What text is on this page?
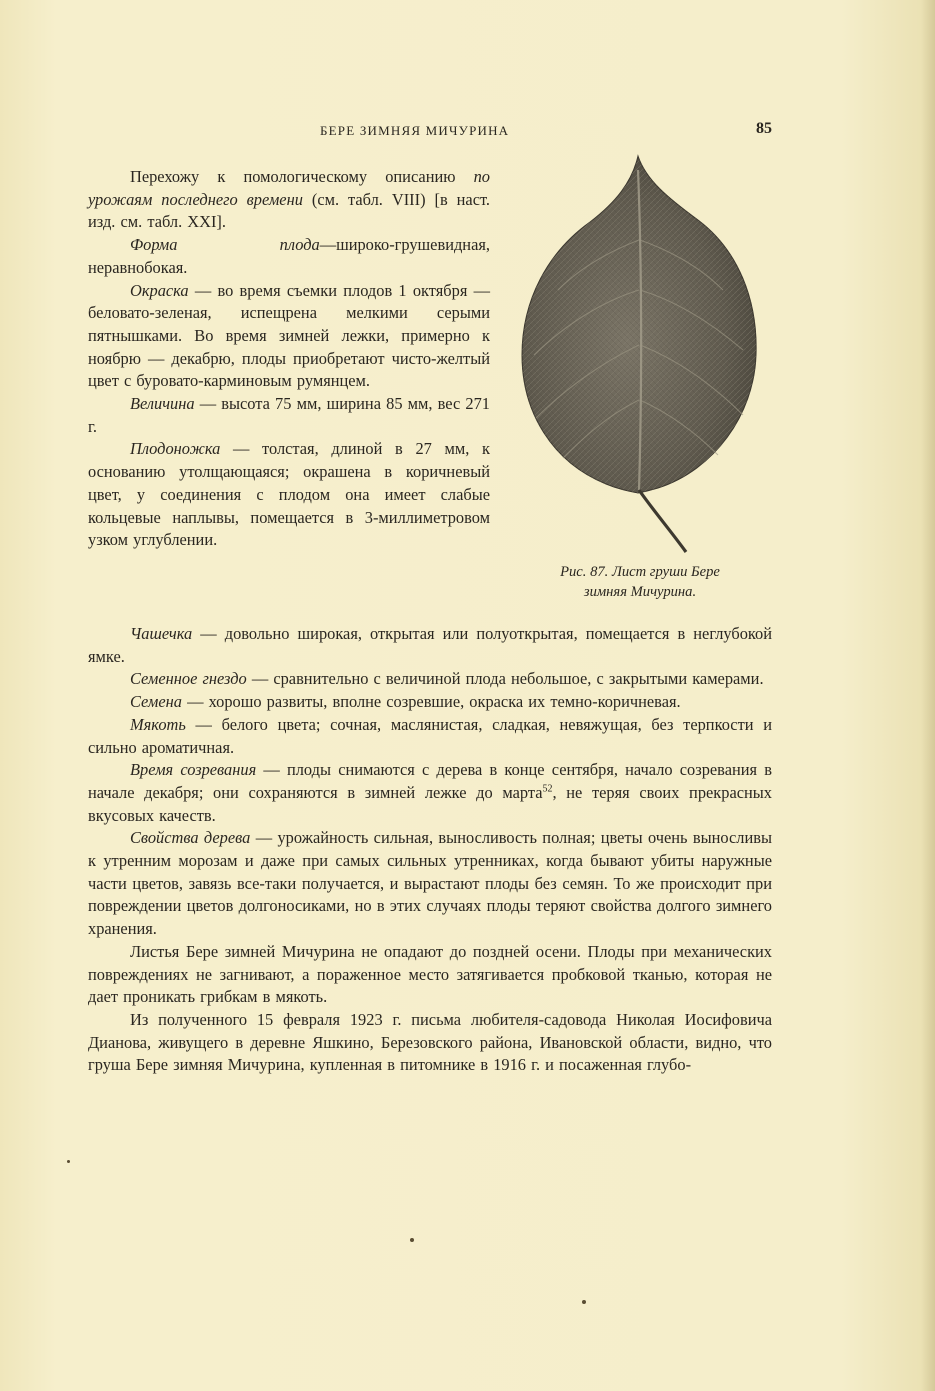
БЕРЕ ЗИМНЯЯ МИЧУРИНА	85

Перехожу к помологическому описанию по урожаям последнего времени (см. табл. VIII) [в наст. изд. см. табл. XXI].

Форма плода—широко-грушевидная, неравнобокая.

Окраска — во время съемки плодов 1 октября — беловато-зеленая, испещрена мелкими серыми пятнышками. Во время зимней лежки, примерно к ноябрю — декабрю, плоды приобретают чисто-желтый цвет с буровато-карминовым румянцем.

Величина — высота 75 мм, ширина 85 мм, вес 271 г.

Плодоножка — толстая, длиной в 27 мм, к основанию утолщающаяся; окрашена в коричневый цвет, у соединения с плодом она имеет слабые кольцевые наплывы, помещается в 3-миллиметровом узком углублении.

Рис. 87. Лист груши Бере
зимняя Мичурина.

Чашечка — довольно широкая, открытая или полуоткрытая, помещается в неглубокой ямке.

Семенное гнездо — сравнительно с величиной плода небольшое, с закрытыми камерами.

Семена — хорошо развиты, вполне созревшие, окраска их темно-коричневая.

Мякоть — белого цвета; сочная, маслянистая, сладкая, невяжущая, без терпкости и сильно ароматичная.

Время созревания — плоды снимаются с дерева в конце сентября, начало созревания в начале декабря; они сохраняются в зимней лежке до марта$^{52}$, не теряя своих прекрасных вкусовых качеств.

Свойства дерева — урожайность сильная, выносливость полная; цветы очень выносливы к утренним морозам и даже при самых сильных утренниках, когда бывают убиты наружные части цветов, завязь все-таки получается, и вырастают плоды без семян. То же происходит при повреждении цветов долгоносиками, но в этих случаях плоды теряют свойства долгого зимнего хранения.

Листья Бере зимней Мичурина не опадают до поздней осени. Плоды при механических повреждениях не загнивают, а пораженное место затягивается пробковой тканью, которая не дает проникать грибкам в мякоть.

Из полученного 15 февраля 1923 г. письма любителя-садовода Николая Иосифовича Дианова, живущего в деревне Яшкино, Березовского района, Ивановской области, видно, что груша Бере зимняя Мичурина, купленная в питомнике в 1916 г. и посаженная глубо-
